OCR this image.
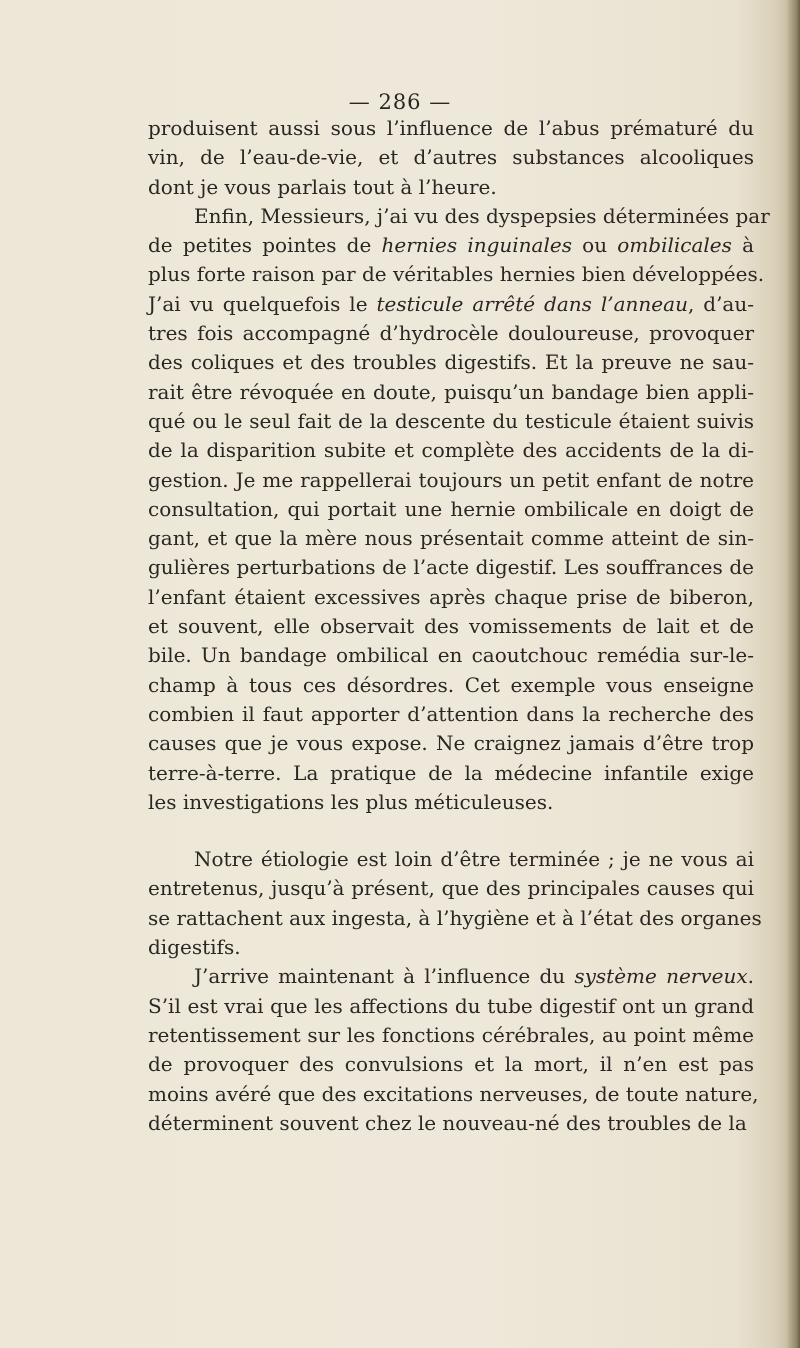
— 286 —
produisent aussi sous l’influence de l’abus prématuré du
vin, de l’eau-de-vie, et d’autres substances alcooliques
dont je vous parlais tout à l’heure.
Enfin, Messieurs, j’ai vu des dyspepsies déterminées par
de petites pointes de hernies inguinales ou ombilicales à
plus forte raison par de véritables hernies bien développées.
J’ai vu quelquefois le testicule arrêté dans l’anneau, d’au-
tres fois accompagné d’hydrocèle douloureuse, provoquer
des coliques et des troubles digestifs. Et la preuve ne sau-
rait être révoquée en doute, puisqu’un bandage bien appli-
qué ou le seul fait de la descente du testicule étaient suivis
de la disparition subite et complète des accidents de la di-
gestion. Je me rappellerai toujours un petit enfant de notre
consultation, qui portait une hernie ombilicale en doigt de
gant, et que la mère nous présentait comme atteint de sin-
gulières perturbations de l’acte digestif. Les souffrances de
l’enfant étaient excessives après chaque prise de biberon,
et souvent, elle observait des vomissements de lait et de
bile. Un bandage ombilical en caoutchouc remédia sur-le-
champ à tous ces désordres. Cet exemple vous enseigne
combien il faut apporter d’attention dans la recherche des
causes que je vous expose. Ne craignez jamais d’être trop
terre-à-terre. La pratique de la médecine infantile exige
les investigations les plus méticuleuses.
Notre étiologie est loin d’être terminée ; je ne vous ai
entretenus, jusqu’à présent, que des principales causes qui
se rattachent aux ingesta, à l’hygiène et à l’état des organes
digestifs.
J’arrive maintenant à l’influence du système nerveux.
S’il est vrai que les affections du tube digestif ont un grand
retentissement sur les fonctions cérébrales, au point même
de provoquer des convulsions et la mort, il n’en est pas
moins avéré que des excitations nerveuses, de toute nature,
déterminent souvent chez le nouveau-né des troubles de la
